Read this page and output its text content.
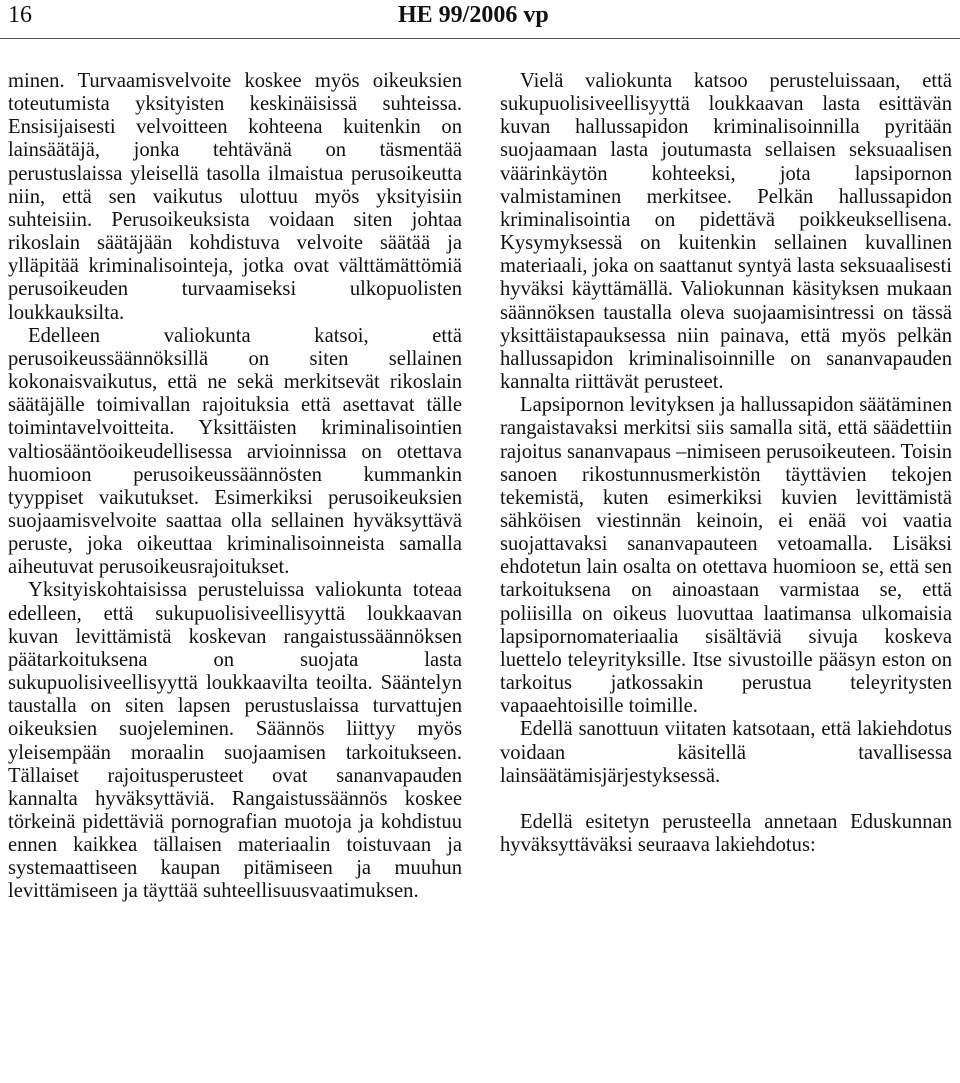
16	HE 99/2006 vp

minen. Turvaamisvelvoite koskee myös oikeuksien toteutumista yksityisten keskinäisissä suhteissa. Ensisijaisesti velvoitteen kohteena kuitenkin on lainsäätäjä, jonka tehtävänä on täsmentää perustuslaissa yleisellä tasolla ilmaistua perusoikeutta niin, että sen vaikutus ulottuu myös yksityisiin suhteisiin. Perusoikeuksista voidaan siten johtaa rikoslain säätäjään kohdistuva velvoite säätää ja ylläpitää kriminalisointeja, jotka ovat välttämättömiä perusoikeuden turvaamiseksi ulkopuolisten loukkauksilta.

Edelleen valiokunta katsoi, että perusoikeussäännöksillä on siten sellainen kokonaisvaikutus, että ne sekä merkitsevät rikoslain säätäjälle toimivallan rajoituksia että asettavat tälle toimintavelvoitteita. Yksittäisten kriminalisointien valtiosääntöoikeudellisessa arvioinnissa on otettava huomioon perusoikeussäännösten kummankin tyyppiset vaikutukset. Esimerkiksi perusoikeuksien suojaamisvelvoite saattaa olla sellainen hyväksyttävä peruste, joka oikeuttaa kriminalisoinneista samalla aiheutuvat perusoikeusrajoitukset.

Yksityiskohtaisissa perusteluissa valiokunta toteaa edelleen, että sukupuolisiveellisyyttä loukkaavan kuvan levittämistä koskevan rangaistussäännöksen päätarkoituksena on suojata lasta sukupuolisiveellisyyttä loukkaavilta teoilta. Sääntelyn taustalla on siten lapsen perustuslaissa turvattujen oikeuksien suojeleminen. Säännös liittyy myös yleisempään moraalin suojaamisen tarkoitukseen. Tällaiset rajoitusperusteet ovat sananvapauden kannalta hyväksyttäviä. Rangaistussäännös koskee törkeinä pidettäviä pornografian muotoja ja kohdistuu ennen kaikkea tällaisen materiaalin toistuvaan ja systemaattiseen kaupan pitämiseen ja muuhun levittämiseen ja täyttää suhteellisuusvaatimuksen.

Vielä valiokunta katsoo perusteluissaan, että sukupuolisiveellisyyttä loukkaavan lasta esittävän kuvan hallussapidon kriminalisoinnilla pyritään suojaamaan lasta joutumasta sellaisen seksuaalisen väärinkäytön kohteeksi, jota lapsipornon valmistaminen merkitsee. Pelkän hallussapidon kriminalisointia on pidettävä poikkeuksellisena. Kysymyksessä on kuitenkin sellainen kuvallinen materiaali, joka on saattanut syntyä lasta seksuaalisesti hyväksi käyttämällä. Valiokunnan käsityksen mukaan säännöksen taustalla oleva suojaamisintressi on tässä yksittäistapauksessa niin painava, että myös pelkän hallussapidon kriminalisoinnille on sananvapauden kannalta riittävät perusteet.

Lapsipornon levityksen ja hallussapidon säätäminen rangaistavaksi merkitsi siis samalla sitä, että säädettiin rajoitus sananvapaus –nimiseen perusoikeuteen. Toisin sanoen rikostunnusmerkistön täyttävien tekojen tekemistä, kuten esimerkiksi kuvien levittämistä sähköisen viestinnän keinoin, ei enää voi vaatia suojattavaksi sananvapauteen vetoamalla. Lisäksi ehdotetun lain osalta on otettava huomioon se, että sen tarkoituksena on ainoastaan varmistaa se, että poliisilla on oikeus luovuttaa laatimansa ulkomaisia lapsipornomateriaalia sisältäviä sivuja koskeva luettelo teleyrityksille. Itse sivustoille pääsyn eston on tarkoitus jatkossakin perustua teleyritysten vapaaehtoisille toimille.

Edellä sanottuun viitaten katsotaan, että lakiehdotus voidaan käsitellä tavallisessa lainsäätämisjärjestyksessä.

Edellä esitetyn perusteella annetaan Eduskunnan hyväksyttäväksi seuraava lakiehdotus:
